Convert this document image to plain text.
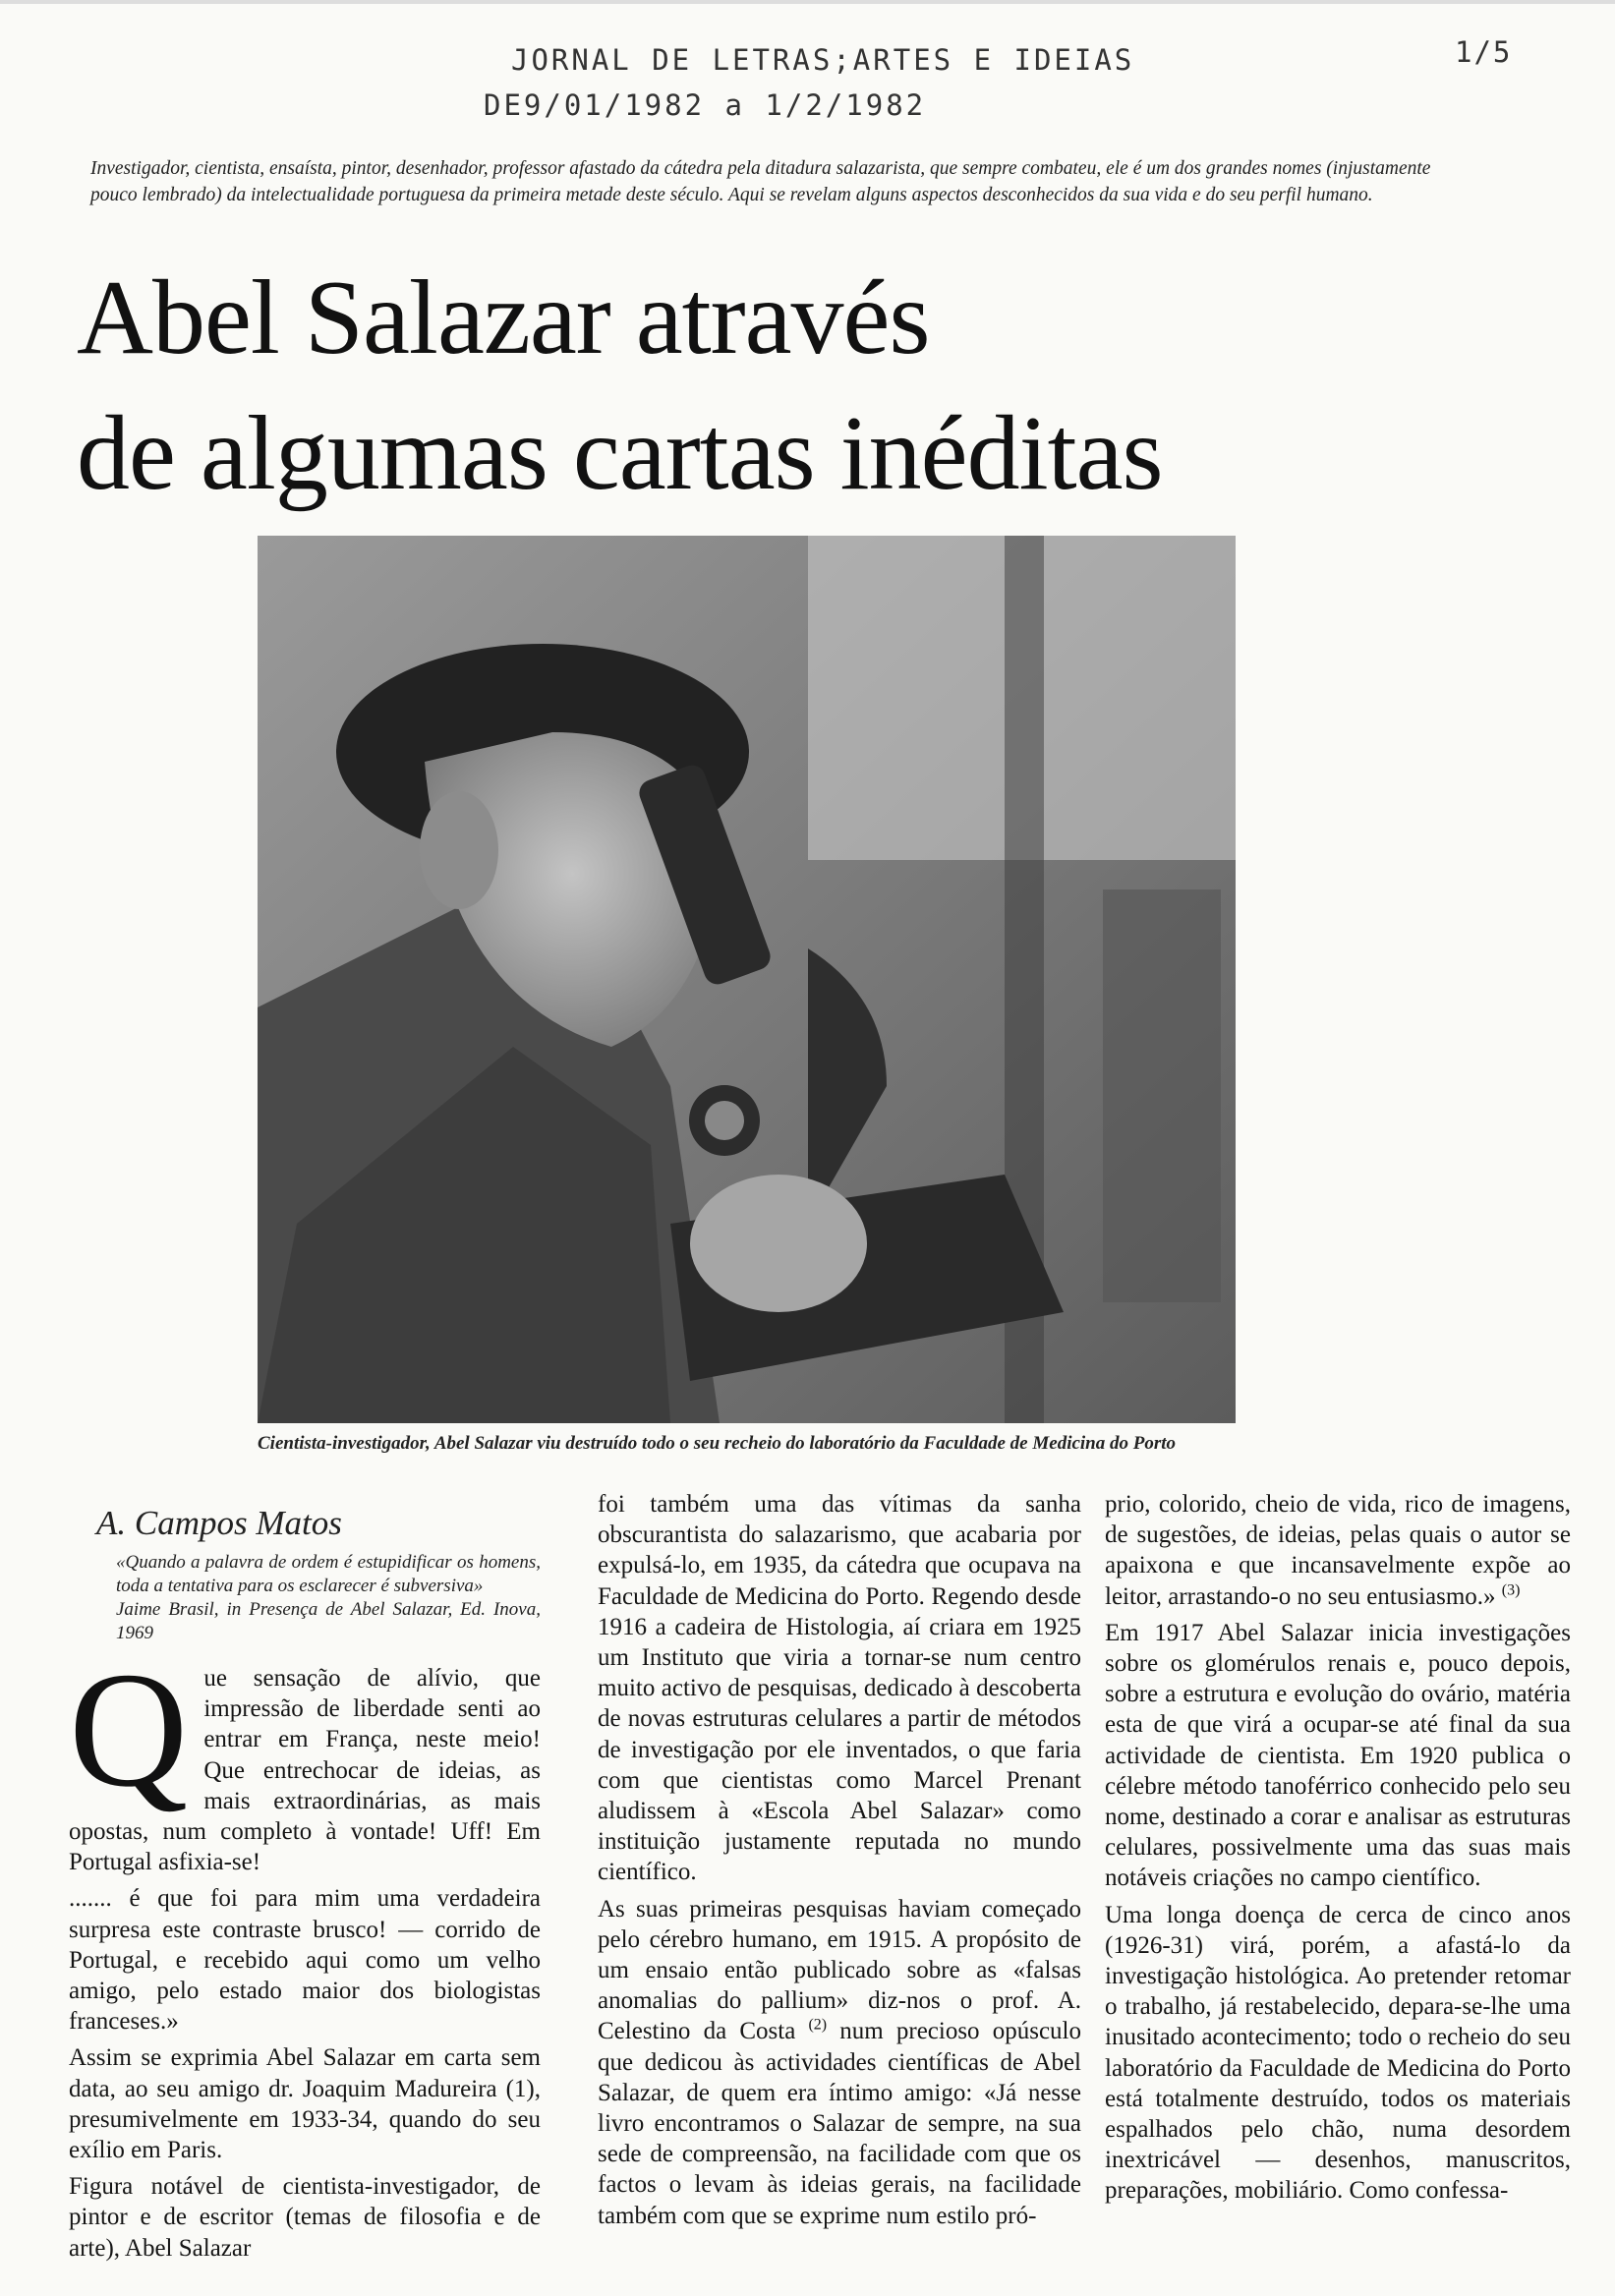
JORNAL DE LETRAS;ARTES E IDEIAS
DE9/01/1982 a 1/2/1982
1/5
Investigador, cientista, ensaísta, pintor, desenhador, professor afastado da cátedra pela ditadura salazarista, que sempre combateu, ele é um dos grandes nomes (injustamente pouco lembrado) da intelectualidade portuguesa da primeira metade deste século. Aqui se revelam alguns aspectos desconhecidos da sua vida e do seu perfil humano.
Abel Salazar através
de algumas cartas inéditas
Cientista-investigador, Abel Salazar viu destruído todo o seu recheio do laboratório da Faculdade de Medicina do Porto
A. Campos Matos
«Quando a palavra de ordem é estupidificar os homens, toda a tentativa para os esclarecer é subversiva»
Jaime Brasil, in Presença de Abel Salazar, Ed. Inova, 1969

Que sensação de alívio, que impressão de liberdade senti ao entrar em França, neste meio! Que entrechocar de ideias, as mais extraordinárias, as mais opostas, num completo à vontade! Uff! Em Portugal asfixia-se!

....... é que foi para mim uma verdadeira surpresa este contraste brusco! — corrido de Portugal, e recebido aqui como um velho amigo, pelo estado maior dos biologistas franceses.»

Assim se exprimia Abel Salazar em carta sem data, ao seu amigo dr. Joaquim Madureira (1), presumivelmente em 1933-34, quando do seu exílio em Paris.

Figura notável de cientista-investigador, de pintor e de escritor (temas de filosofia e de arte), Abel Salazar

foi também uma das vítimas da sanha obscurantista do salazarismo, que acabaria por expulsá-lo, em 1935, da cátedra que ocupava na Faculdade de Medicina do Porto. Regendo desde 1916 a cadeira de Histologia, aí criara em 1925 um Instituto que viria a tornar-se num centro muito activo de pesquisas, dedicado à descoberta de novas estruturas celulares a partir de métodos de investigação por ele inventados, o que faria com que cientistas como Marcel Prenant aludissem à «Escola Abel Salazar» como instituição justamente reputada no mundo científico.

As suas primeiras pesquisas haviam começado pelo cérebro humano, em 1915. A propósito de um ensaio então publicado sobre as «falsas anomalias do pallium» diz-nos o prof. A. Celestino da Costa $^{(2)}$ num precioso opúsculo que dedicou às actividades científicas de Abel Salazar, de quem era íntimo amigo: «Já nesse livro encontramos o Salazar de sempre, na sua sede de compreensão, na facilidade com que os factos o levam às ideias gerais, na facilidade também com que se exprime num estilo pró-

prio, colorido, cheio de vida, rico de imagens, de sugestões, de ideias, pelas quais o autor se apaixona e que incansavelmente expõe ao leitor, arrastando-o no seu entusiasmo.» $^{(3)}$

Em 1917 Abel Salazar inicia investigações sobre os glomérulos renais e, pouco depois, sobre a estrutura e evolução do ovário, matéria esta de que virá a ocupar-se até final da sua actividade de cientista. Em 1920 publica o célebre método tanoférrico conhecido pelo seu nome, destinado a corar e analisar as estruturas celulares, possivelmente uma das suas mais notáveis criações no campo científico.

Uma longa doença de cerca de cinco anos (1926-31) virá, porém, a afastá-lo da investigação histológica. Ao pretender retomar o trabalho, já restabelecido, depara-se-lhe uma inusitado acontecimento; todo o recheio do seu laboratório da Faculdade de Medicina do Porto está totalmente destruído, todos os materiais espalhados pelo chão, numa desordem inextricável — desenhos, manuscritos, preparações, mobiliário. Como confessa-
